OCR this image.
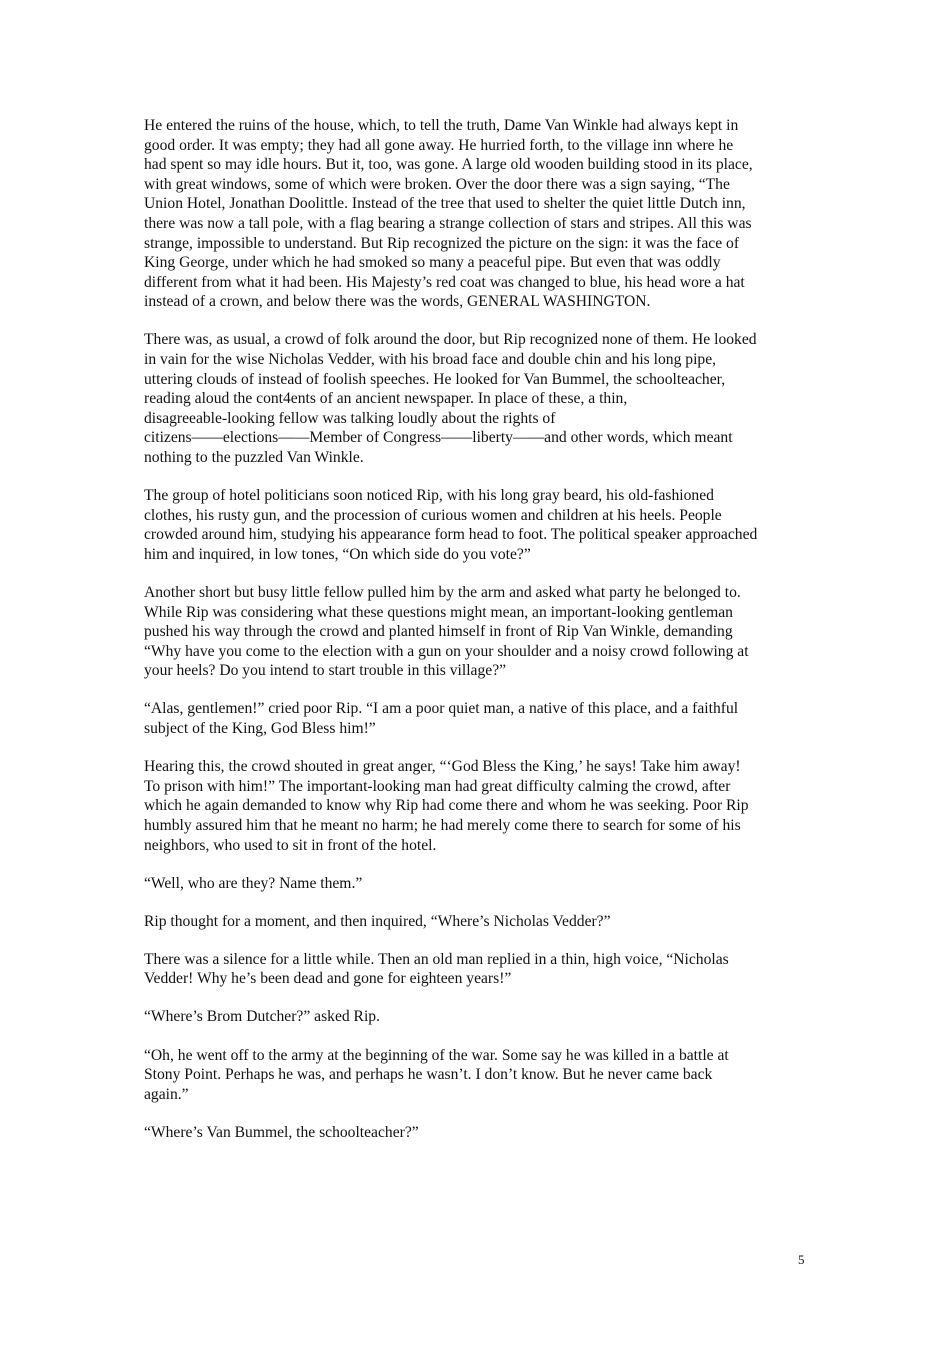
He entered the ruins of the house, which, to tell the truth, Dame Van Winkle had always kept in
good order. It was empty; they had all gone away. He hurried forth, to the village inn where he
had spent so may idle hours. But it, too, was gone. A large old wooden building stood in its place,
with great windows, some of which were broken. Over the door there was a sign saying, “The
Union Hotel, Jonathan Doolittle. Instead of the tree that used to shelter the quiet little Dutch inn,
there was now a tall pole, with a flag bearing a strange collection of stars and stripes. All this was
strange, impossible to understand. But Rip recognized the picture on the sign: it was the face of
King George, under which he had smoked so many a peaceful pipe. But even that was oddly
different from what it had been. His Majesty’s red coat was changed to blue, his head wore a hat
instead of a crown, and below there was the words, GENERAL WASHINGTON.

There was, as usual, a crowd of folk around the door, but Rip recognized none of them. He looked
in vain for the wise Nicholas Vedder, with his broad face and double chin and his long pipe,
uttering clouds of instead of foolish speeches. He looked for Van Bummel, the schoolteacher,
reading aloud the cont4ents of an ancient newspaper. In place of these, a thin,
disagreeable-looking fellow was talking loudly about the rights of
citizens——elections——Member of Congress——liberty——and other words, which meant
nothing to the puzzled Van Winkle.

The group of hotel politicians soon noticed Rip, with his long gray beard, his old-fashioned
clothes, his rusty gun, and the procession of curious women and children at his heels. People
crowded around him, studying his appearance form head to foot. The political speaker approached
him and inquired, in low tones, “On which side do you vote?”

Another short but busy little fellow pulled him by the arm and asked what party he belonged to.
While Rip was considering what these questions might mean, an important-looking gentleman
pushed his way through the crowd and planted himself in front of Rip Van Winkle, demanding
“Why have you come to the election with a gun on your shoulder and a noisy crowd following at
your heels? Do you intend to start trouble in this village?”

“Alas, gentlemen!” cried poor Rip. “I am a poor quiet man, a native of this place, and a faithful
subject of the King, God Bless him!”

Hearing this, the crowd shouted in great anger, “‘God Bless the King,’ he says! Take him away!
To prison with him!” The important-looking man had great difficulty calming the crowd, after
which he again demanded to know why Rip had come there and whom he was seeking. Poor Rip
humbly assured him that he meant no harm; he had merely come there to search for some of his
neighbors, who used to sit in front of the hotel.

“Well, who are they? Name them.”

Rip thought for a moment, and then inquired, “Where’s Nicholas Vedder?”

There was a silence for a little while. Then an old man replied in a thin, high voice, “Nicholas
Vedder! Why he’s been dead and gone for eighteen years!”

“Where’s Brom Dutcher?” asked Rip.

“Oh, he went off to the army at the beginning of the war. Some say he was killed in a battle at
Stony Point. Perhaps he was, and perhaps he wasn’t. I don’t know. But he never came back
again.”

“Where’s Van Bummel, the schoolteacher?”

5
